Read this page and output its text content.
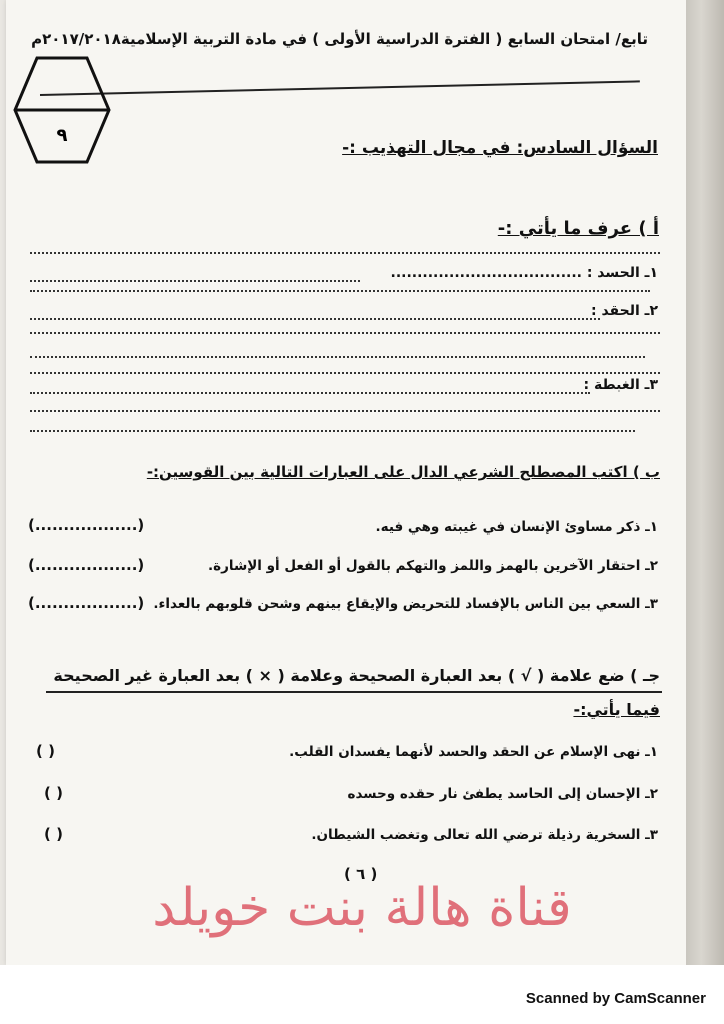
تابع/ امتحان السابع ( الفترة الدراسية الأولى ) في مادة التربية الإسلامية٢٠١٧/٢٠١٨م
٩
السؤال السادس: في مجال التهذيب :-
أ ) عرف ما يأتي :-
١ـ الحسد : ....................................
٢ـ الحقد :
٣ـ الغبطة :
ب ) اكتب المصطلح الشرعي الدال على العبارات التالية بين القوسين:-
١ـ ذكر مساوئ الإنسان في غيبته وهي فيه.
(..................)
٢ـ احتقار الآخرين بالهمز واللمز والتهكم بالقول أو الفعل أو الإشارة.
(..................)
٣ـ السعي بين الناس بالإفساد للتحريض والإيقاع بينهم وشحن قلوبهم بالعداء.
(..................)
جـ ) ضع علامة ( √ ) بعد العبارة الصحيحة وعلامة ( × ) بعد العبارة غير الصحيحة
فيما يأتي:-
١ـ نهى الإسلام عن الحقد والحسد لأنهما يفسدان القلب.
٢ـ الإحسان إلى الحاسد يطفئ نار حقده وحسده
٣ـ السخرية رذيلة ترضي الله تعالى وتغضب الشيطان.
( )
( )
( )
( ٦ )
قناة هالة بنت خويلد
Scanned by CamScanner
